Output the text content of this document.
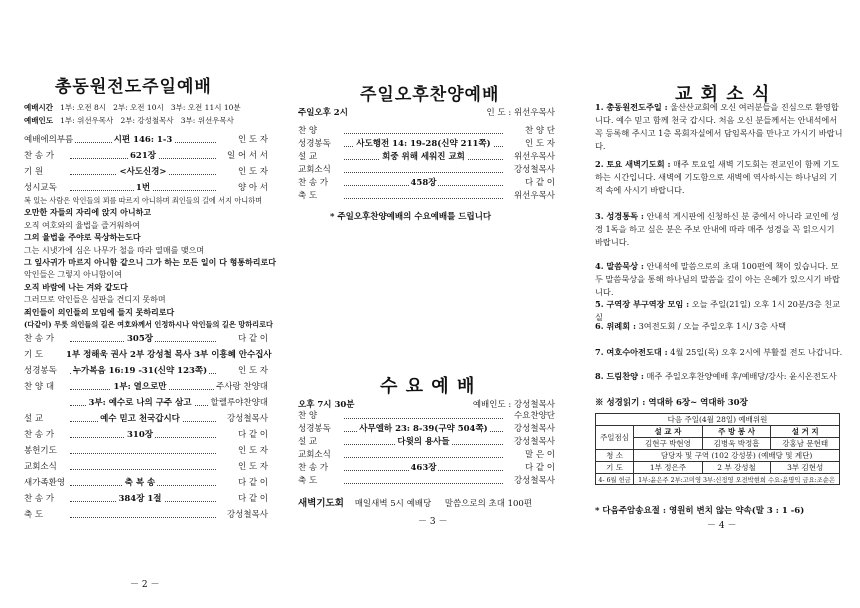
총동원전도주일예배
예배시간 1부: 오전 8시 2부: 오전 10시 3부: 오전 11시 10분
예배인도 1부: 위선우목사 2부: 강성철목사 3부: 위선우목사
예배에의부름	시편 146: 1-3	인 도 자
찬 송 가	621장	일 어 서 서
기 원	<사도신경>	인 도 자
성시교독	1번	양 아 서
복 있는 사람은 악인들의 꾀를 따르지 아니하며 죄인들의 길에 서지 아니하며
오만한 자들의 자리에 앉지 아니하고
오직 여호와의 율법을 즐거워하여
그의 율법을 주야로 묵상하는도다
그는 시냇가에 심은 나무가 철을 따라 열매를 맺으며
그 잎사귀가 마르지 아니함 같으니 그가 하는 모든 일이 다 형통하리로다
악인들은 그렇지 아니함이여
오직 바람에 나는 겨와 같도다
그러므로 악인들은 심판을 견디지 못하며
죄인들이 의인들의 모임에 들지 못하리로다
(다같이) 무릇 의인들의 길은 여호와께서 인정하시나 악인들의 길은 망하리로다
찬 송 가	305장	다 같 이
기 도	1부 정해욱 권사 2부 강성철 목사 3부 이흥혜 안수집사
성경봉독	누가복음 16:19 -31(신약 123쪽)	인 도 자
찬 양 대	1부: 열으로만	주사랑 찬양대
3부: 예수로 나의 구주 삼고	할렐루야찬양대
설 교	예수 믿고 천국갑시다	강성철목사
찬 송 가	310장	다 같 이
봉헌기도	인 도 자
교회소식	인 도 자
새가족환영	축 복 송	다 같 이
찬 송 가	384장 1절	다 같 이
축 도	강성철목사
－ 2 －
주일오후찬양예배
주일오후 2시	인 도 : 위선우목사
찬 양	찬 양 단
성경봉독	사도행전 14: 19-28(신약 211쪽)	인 도 자
설 교	회중 위해 세워진 교회	위선우목사
교회소식	강성철목사
찬 송 가	458장	다 같 이
축 도	위선우목사
* 주일오후찬양예배의 수요예배를 드립니다
수 요 예 배
오후 7시 30분	예배인도 : 강성철목사
찬 양	수요찬양단
성경봉독	사무엘하 23: 8-39(구약 504쪽)	강성철목사
설 교	다윗의 용사들	강성철목사
교회소식	말 은 이
찬 송 가	463장	다 같 이
축 도	강성철목사
새벽기도회 매일새벽 5시 예배당 말씀으로의 초대 100편
－ 3 －
교 회 소 식
1. 총동원전도주일 : 울산산교회에 오신 여러분들을 진심으로 환영합니다. 예수 믿고 함께 천국 갑시다. 처음 오신 분들께서는 안내석에서 꼭 등록해 주시고 1층 목회자실에서 담임목사를 만나고 가시기 바랍니다.
2. 토요 새벽기도회 : 매주 토요일 새벽 기도회는 전교인이 함께 기도하는 시간입니다. 새벽에 기도함으로 새벽에 역사하시는 하나님의 기적 속에 사시기 바랍니다.
3. 성경통독 : 안내석 게시판에 신청하신 분 중에서 아니라 교인에 성경 1독을 하고 싶은 분은 주보 안내에 따라 매주 성경을 꼭 읽으시기 바랍니다.
4. 말씀묵상 : 안내석에 말씀으로의 초대 100편에 책이 있습니다. 모두 말씀묵상을 통해 하나님의 말씀을 깊이 아는 은혜가 있으시기 바랍니다.
5. 구역장 부구역장 모임 : 오늘 주일(21일) 오후 1시 20분/3층 친교실
6. 위례회 : 3여전도회 / 오늘 주일오후 1시/ 3층 사택
7. 여호수아전도대 : 4월 25일(목) 오후 2시에 부활절 전도 나갑니다.
8. 드림찬양 : 매주 주일오후찬양예배 후/예배당/강사: 윤시온전도사
※ 성경읽기 : 역대하 6장~ 역대하 30장
다음 주일(4월 28일) 예배위원			
주일점심	설 교 자	주 방 봉 사	설 거 지
	김현구 박현영	김병욱 박정흠	강홍남 문현태
청 소	담당자 및 구역 (102 강성봉) (예배당 및 계단)		
기 도	1부 정은주	2 부 강성철	3부 김현성
4- 6월 헌금	1부:윤은주 2부:고미영 3부:신정영 오전박현희 수요:윤명익 금요:조순은		
* 다음주암송요절 : 영원히 변치 않는 약속(말 3 : 1 -6)
－ 4 －
